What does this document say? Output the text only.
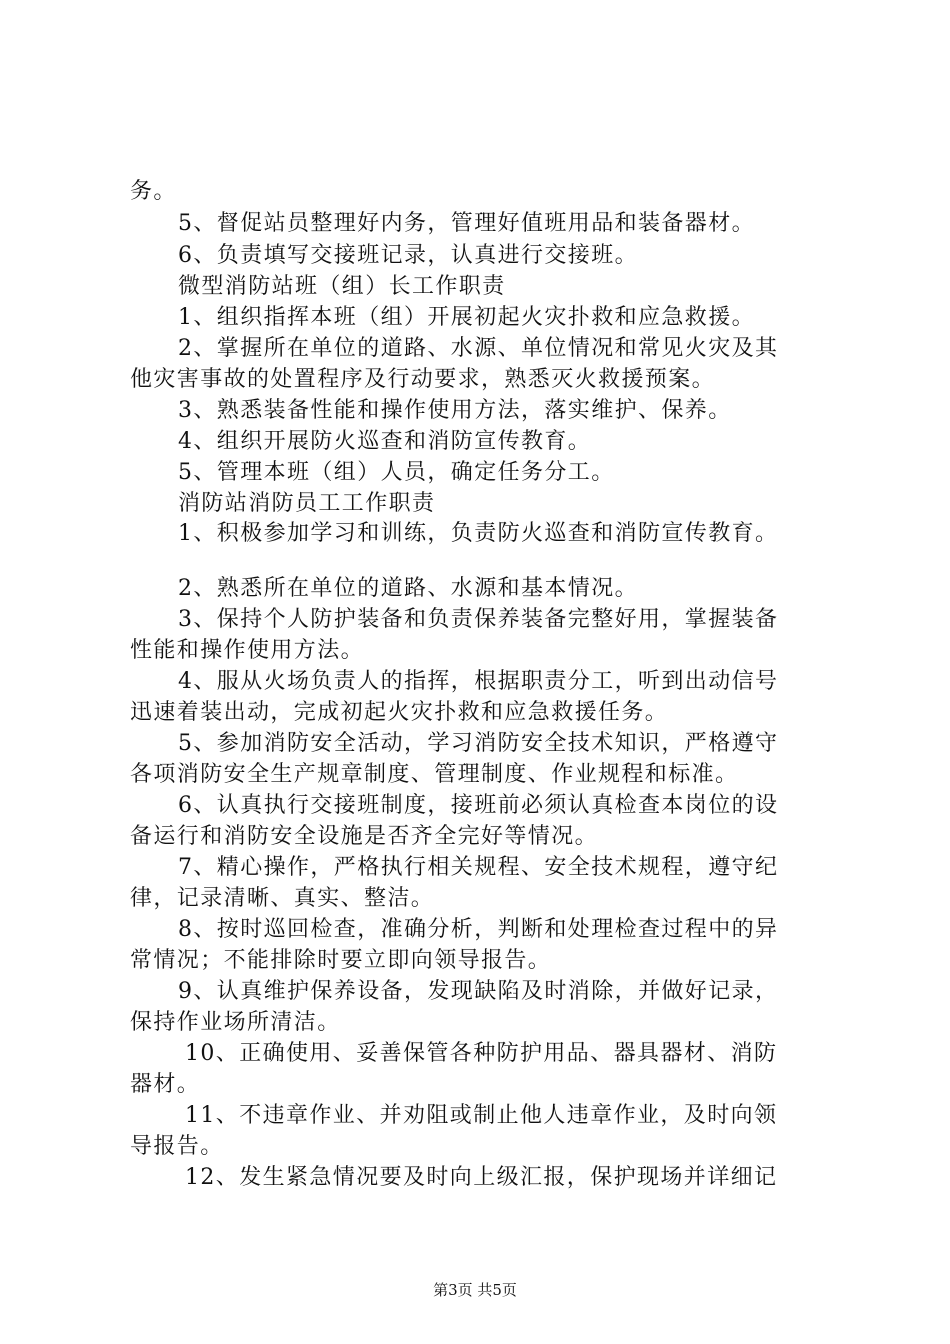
务。
5、督促站员整理好内务，管理好值班用品和装备器材。
6、负责填写交接班记录，认真进行交接班。
微型消防站班（组）长工作职责
1、组织指挥本班（组）开展初起火灾扑救和应急救援。
2、掌握所在单位的道路、水源、单位情况和常见火灾及其
他灾害事故的处置程序及行动要求，熟悉灭火救援预案。
3、熟悉装备性能和操作使用方法，落实维护、保养。
4、组织开展防火巡查和消防宣传教育。
5、管理本班（组）人员，确定任务分工。
消防站消防员工工作职责
1、积极参加学习和训练，负责防火巡查和消防宣传教育。
2、熟悉所在单位的道路、水源和基本情况。
3、保持个人防护装备和负责保养装备完整好用，掌握装备
性能和操作使用方法。
4、服从火场负责人的指挥，根据职责分工，听到出动信号
迅速着装出动，完成初起火灾扑救和应急救援任务。
5、参加消防安全活动，学习消防安全技术知识，严格遵守
各项消防安全生产规章制度、管理制度、作业规程和标准。
6、认真执行交接班制度，接班前必须认真检查本岗位的设
备运行和消防安全设施是否齐全完好等情况。
7、精心操作，严格执行相关规程、安全技术规程，遵守纪
律，记录清晰、真实、整洁。
8、按时巡回检查，准确分析，判断和处理检查过程中的异
常情况；不能排除时要立即向领导报告。
9、认真维护保养设备，发现缺陷及时消除，并做好记录，
保持作业场所清洁。
10、正确使用、妥善保管各种防护用品、器具器材、消防
器材。
11、不违章作业、并劝阻或制止他人违章作业，及时向领
导报告。
12、发生紧急情况要及时向上级汇报，保护现场并详细记
第3页 共5页
